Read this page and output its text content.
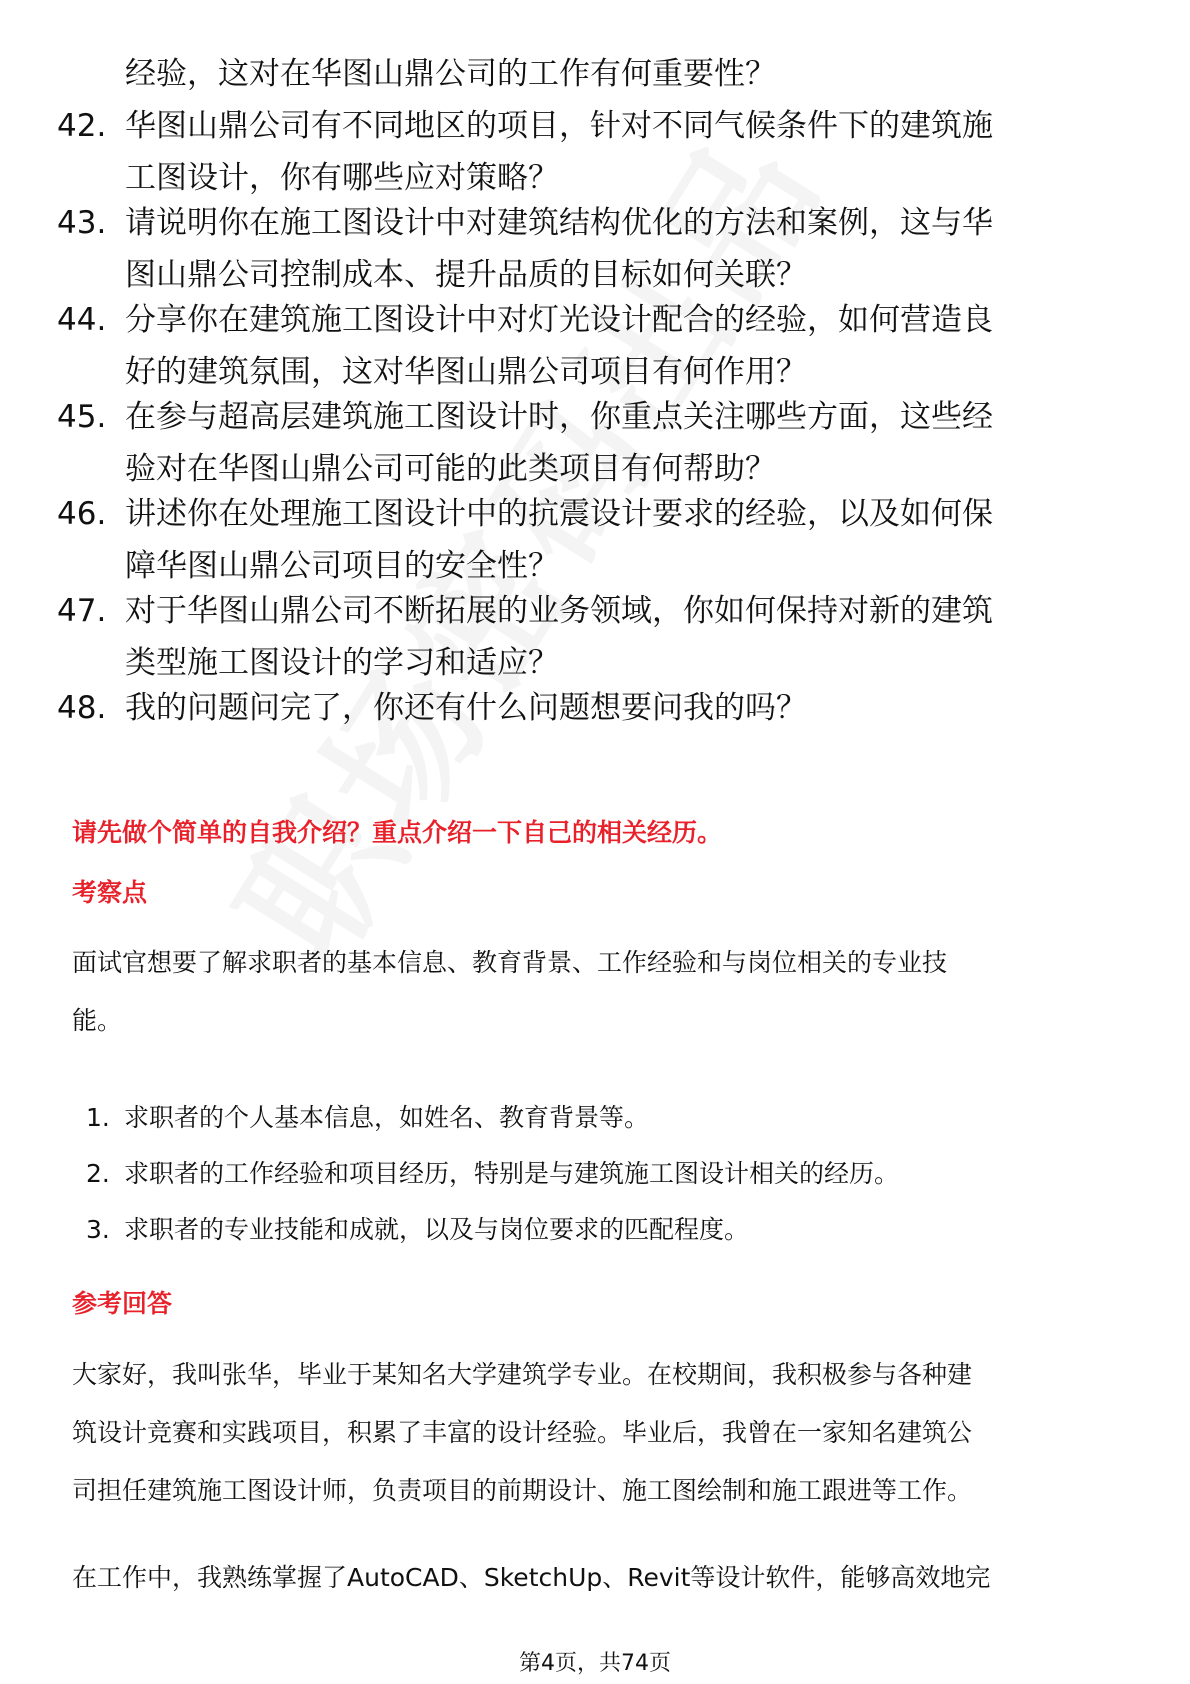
经验，这对在华图山鼎公司的工作有何重要性？
42. 华图山鼎公司有不同地区的项目，针对不同气候条件下的建筑施
工图设计，你有哪些应对策略？
43. 请说明你在施工图设计中对建筑结构优化的方法和案例，这与华
图山鼎公司控制成本、提升品质的目标如何关联？
44. 分享你在建筑施工图设计中对灯光设计配合的经验，如何营造良
好的建筑氛围，这对华图山鼎公司项目有何作用？
45. 在参与超高层建筑施工图设计时，你重点关注哪些方面，这些经
验对在华图山鼎公司可能的此类项目有何帮助？
46. 讲述你在处理施工图设计中的抗震设计要求的经验，以及如何保
障华图山鼎公司项目的安全性？
47. 对于华图山鼎公司不断拓展的业务领域，你如何保持对新的建筑
类型施工图设计的学习和适应？
48. 我的问题问完了，你还有什么问题想要问我的吗？
请先做个简单的自我介绍？重点介绍一下自己的相关经历。
考察点
面试官想要了解求职者的基本信息、教育背景、工作经验和与岗位相关的专业技
能。
1. 求职者的个人基本信息，如姓名、教育背景等。
2. 求职者的工作经验和项目经历，特别是与建筑施工图设计相关的经历。
3. 求职者的专业技能和成就，以及与岗位要求的匹配程度。
参考回答
大家好，我叫张华，毕业于某知名大学建筑学专业。在校期间，我积极参与各种建
筑设计竞赛和实践项目，积累了丰富的设计经验。毕业后，我曾在一家知名建筑公
司担任建筑施工图设计师，负责项目的前期设计、施工图绘制和施工跟进等工作。
在工作中，我熟练掌握了AutoCAD、SketchUp、Revit等设计软件，能够高效地完
第4页，共74页
